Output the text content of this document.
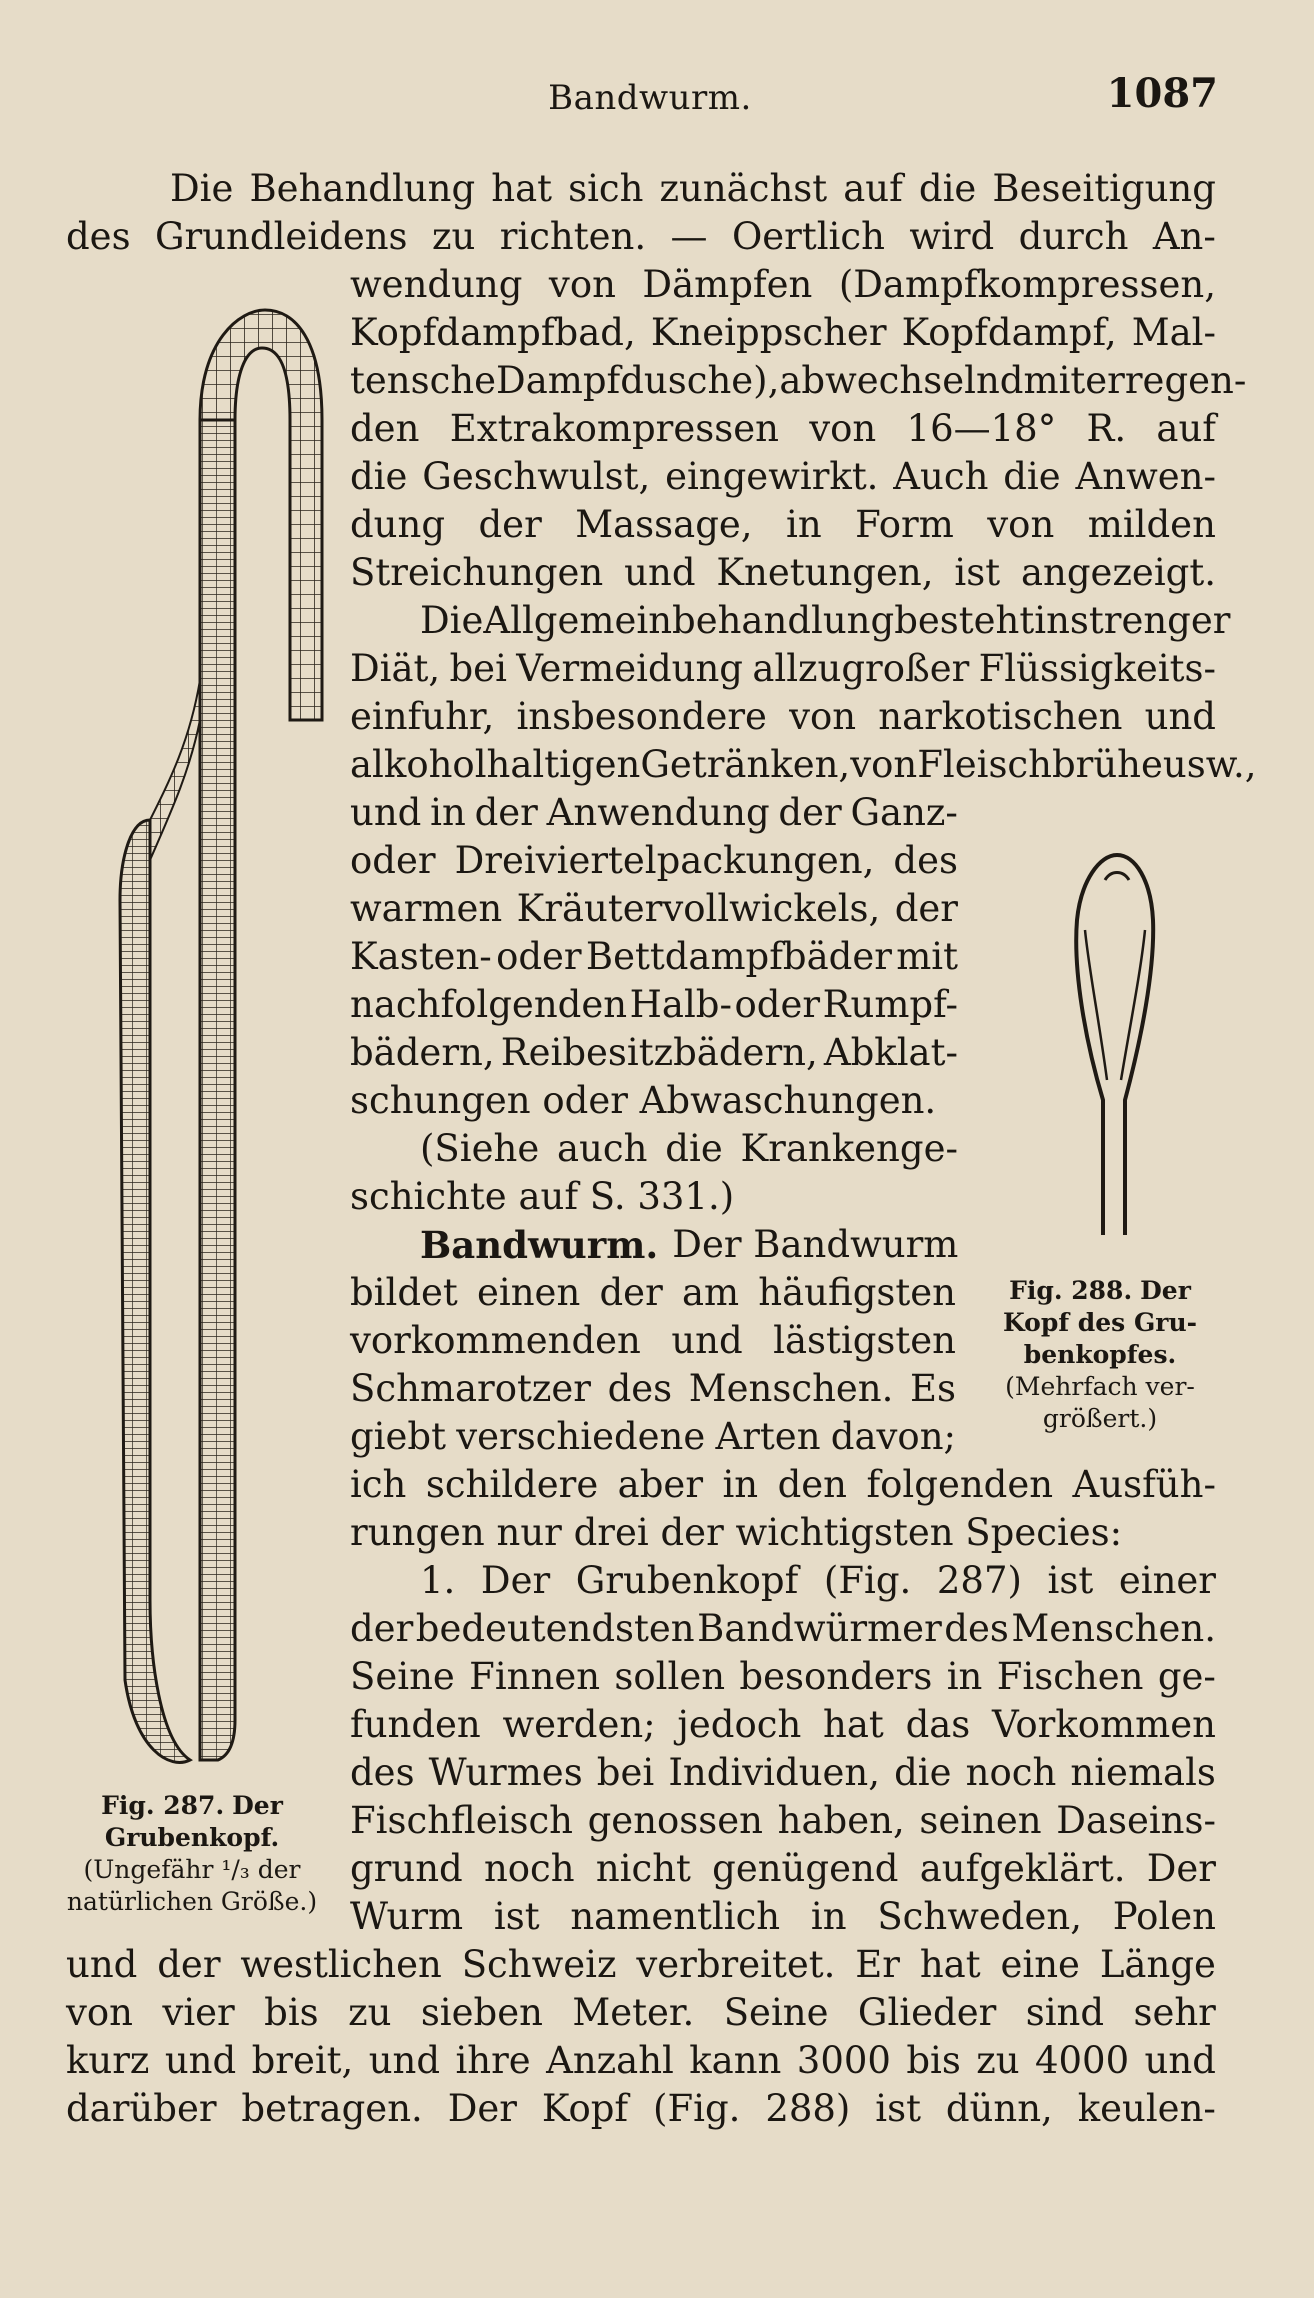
Bandwurm.	1087
Die Behandlung hat sich zunächst auf die Beseitigung
des Grundleidens zu richten. — Oertlich wird durch An-
wendung von Dämpfen (Dampfkompressen,
Kopfdampfbad, Kneippscher Kopfdampf, Mal-
tensche Dampfdusche), abwechselnd mit erregen-
den Extrakompressen von 16—18° R. auf
die Geschwulst, eingewirkt. Auch die Anwen-
dung der Massage, in Form von milden
Streichungen und Knetungen, ist angezeigt.
Die Allgemeinbehandlung besteht in strenger
Diät, bei Vermeidung allzugroßer Flüssigkeits-
einfuhr, insbesondere von narkotischen und
alkoholhaltigen Getränken, von Fleischbrühe usw.,
und in der Anwendung der Ganz-
oder Dreiviertelpackungen, des
warmen Kräutervollwickels, der
Kasten- oder Bettdampfbäder mit
nachfolgenden Halb- oder Rumpf-
bädern, Reibesitzbädern, Abklat-
schungen oder Abwaschungen.
(Siehe auch die Krankenge-
schichte auf S. 331.)
Bandwurm. Der Bandwurm
bildet einen der am häufigsten
vorkommenden und lästigsten
Schmarotzer des Menschen. Es
giebt verschiedene Arten davon;
ich schildere aber in den folgenden Ausfüh-
rungen nur drei der wichtigsten Species:
1. Der Grubenkopf (Fig. 287) ist einer
der bedeutendsten Bandwürmer des Menschen.
Seine Finnen sollen besonders in Fischen ge-
funden werden; jedoch hat das Vorkommen
des Wurmes bei Individuen, die noch niemals
Fischfleisch genossen haben, seinen Daseins-
grund noch nicht genügend aufgeklärt. Der
Wurm ist namentlich in Schweden, Polen
und der westlichen Schweiz verbreitet. Er hat eine Länge
von vier bis zu sieben Meter. Seine Glieder sind sehr
kurz und breit, und ihre Anzahl kann 3000 bis zu 4000 und
darüber betragen. Der Kopf (Fig. 288) ist dünn, keulen-
Fig. 287. Der
Grubenkopf.
(Ungefähr ¹/₃ der
natürlichen Größe.)
Fig. 288. Der
Kopf des Gru-
benkopfes.
(Mehrfach ver-
größert.)
